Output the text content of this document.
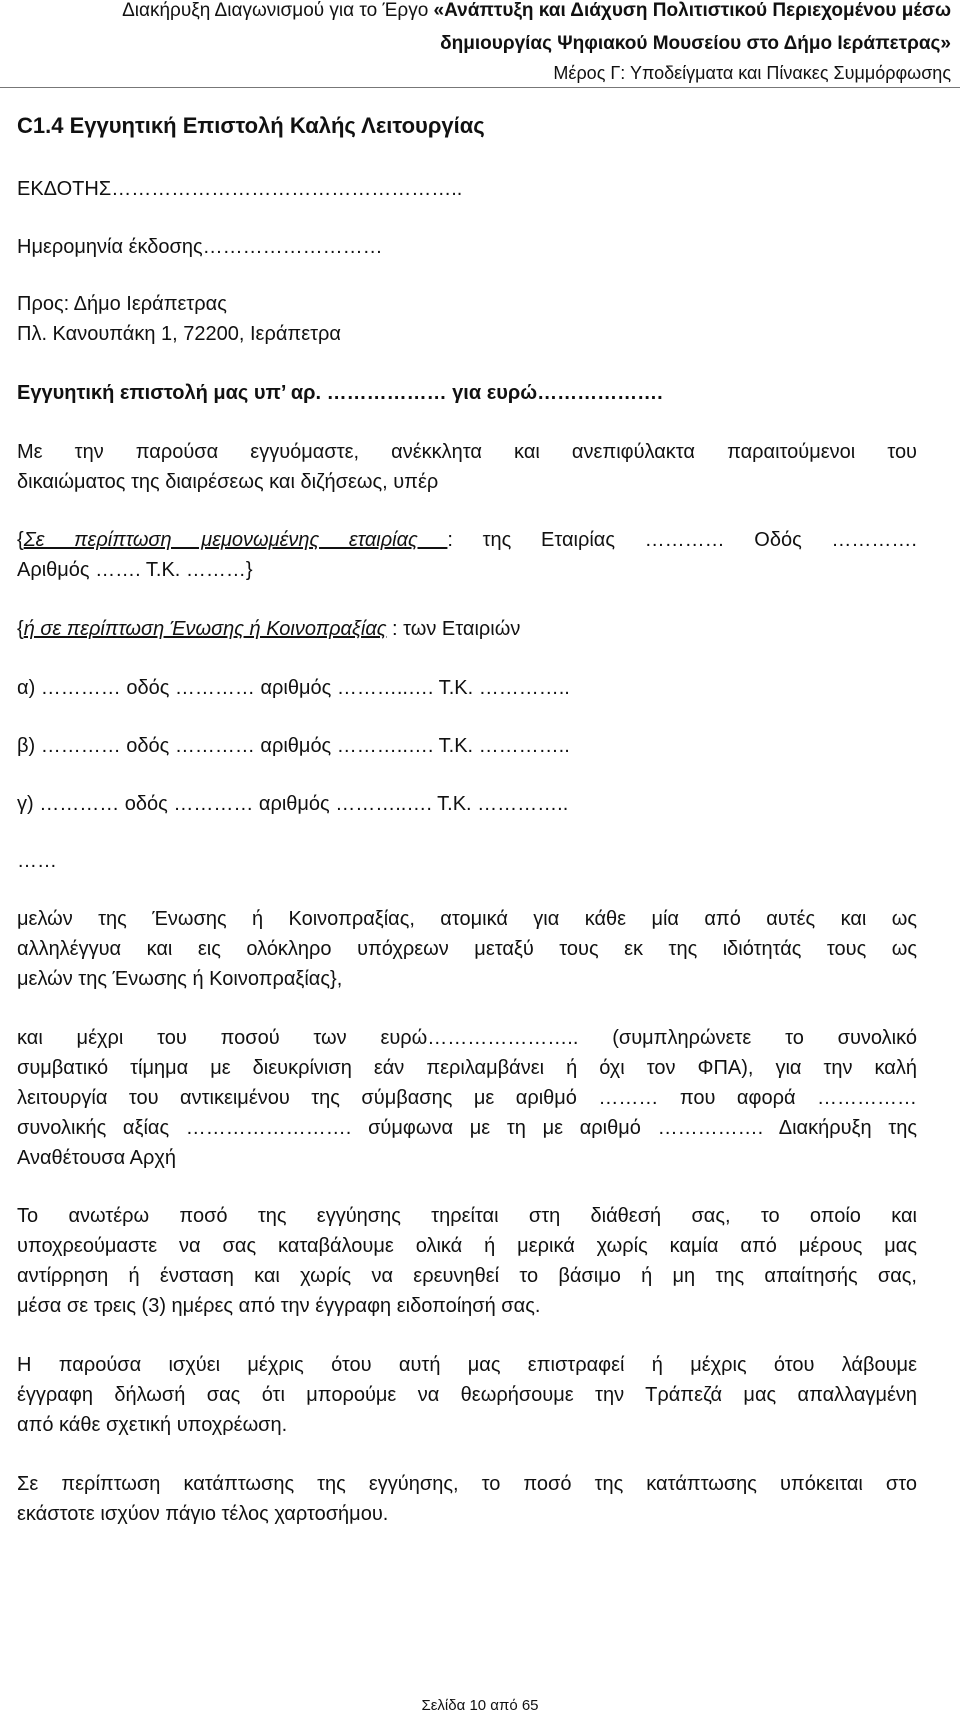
Διακήρυξη Διαγωνισμού για το Έργο «Ανάπτυξη και Διάχυση Πολιτιστικού Περιεχομένου μέσω
δημιουργίας Ψηφιακού Μουσείου στο Δήμο Ιεράπετρας»
Μέρος Γ: Υποδείγματα και Πίνακες Συμμόρφωσης
C1.4 Εγγυητική Επιστολή Καλής Λειτουργίας
ΕΚΔΟΤΗΣ……………………………………………..
Ημερομηνία έκδοσης………………………
Προς: Δήμο Ιεράπετρας
Πλ. Κανουπάκη 1, 72200, Ιεράπετρα
Εγγυητική επιστολή μας υπ’ αρ. ……………… για ευρώ……………….
Με την παρούσα εγγυόμαστε, ανέκκλητα και ανεπιφύλακτα παραιτούμενοι του
δικαιώματος της διαιρέσεως και διζήσεως, υπέρ
{Σε περίπτωση μεμονωμένης εταιρίας : της Εταιρίας ………… Οδός ………….
Αριθμός ……. Τ.Κ. ………}
{ή σε περίπτωση Ένωσης ή Κοινοπραξίας : των Εταιριών
α) ………… οδός ………… αριθμός ………..…. Τ.Κ. …………..
β) ………… οδός ………… αριθμός ………..…. Τ.Κ. …………..
γ) ………… οδός ………… αριθμός ………..…. Τ.Κ. …………..
……
μελών της Ένωσης ή Κοινοπραξίας, ατομικά για κάθε μία από αυτές και ως
αλληλέγγυα και εις ολόκληρο υπόχρεων μεταξύ τους εκ της ιδιότητάς τους ως
μελών της Ένωσης ή Κοινοπραξίας},
και μέχρι του ποσού των ευρώ………………….. (συμπληρώνετε το συνολικό
συμβατικό τίμημα με διευκρίνιση εάν περιλαμβάνει ή όχι τον ΦΠΑ), για την καλή
λειτουργία του αντικειμένου της σύμβασης με αριθμό ……… που αφορά ……………
συνολικής αξίας ……………………. σύμφωνα με τη με αριθμό ……………. Διακήρυξη της
Αναθέτουσα Αρχή
Το ανωτέρω ποσό της εγγύησης τηρείται στη διάθεσή σας, το οποίο και
υποχρεούμαστε να σας καταβάλουμε ολικά ή μερικά χωρίς καμία από μέρους μας
αντίρρηση ή ένσταση και χωρίς να ερευνηθεί το βάσιμο ή μη της απαίτησής σας,
μέσα σε τρεις (3) ημέρες από την έγγραφη ειδοποίησή σας.
Η παρούσα ισχύει μέχρις ότου αυτή μας επιστραφεί ή μέχρις ότου λάβουμε
έγγραφη δήλωσή σας ότι μπορούμε να θεωρήσουμε την Τράπεζά μας απαλλαγμένη
από κάθε σχετική υποχρέωση.
Σε περίπτωση κατάπτωσης της εγγύησης, το ποσό της κατάπτωσης υπόκειται στο
εκάστοτε ισχύον πάγιο τέλος χαρτοσήμου.
Σελίδα 10 από 65
